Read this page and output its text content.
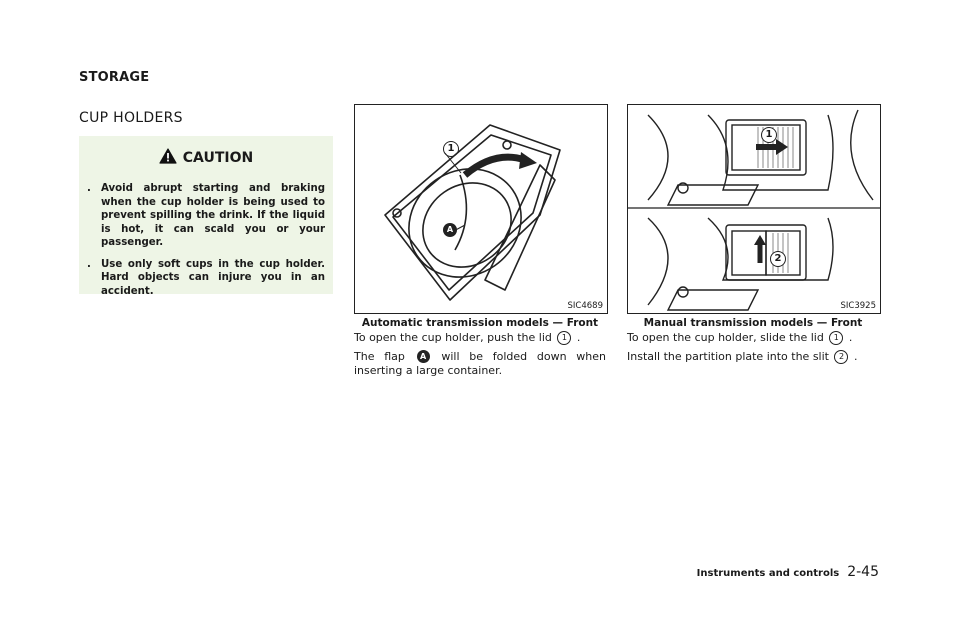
STORAGE
CUP HOLDERS
CAUTION
. Avoid abrupt starting and braking when the cup holder is being used to prevent spilling the drink. If the liquid is hot, it can scald you or your passenger.
. Use only soft cups in the cup holder. Hard objects can injure you in an accident.
1
A
SIC4689
Automatic transmission models — Front
To open the cup holder, push the lid 1 .
The flap A will be folded down when inserting a large container.
1
2
SIC3925
Manual transmission models — Front
To open the cup holder, slide the lid 1 .
Install the partition plate into the slit 2 .
Instruments and controls 2-45
